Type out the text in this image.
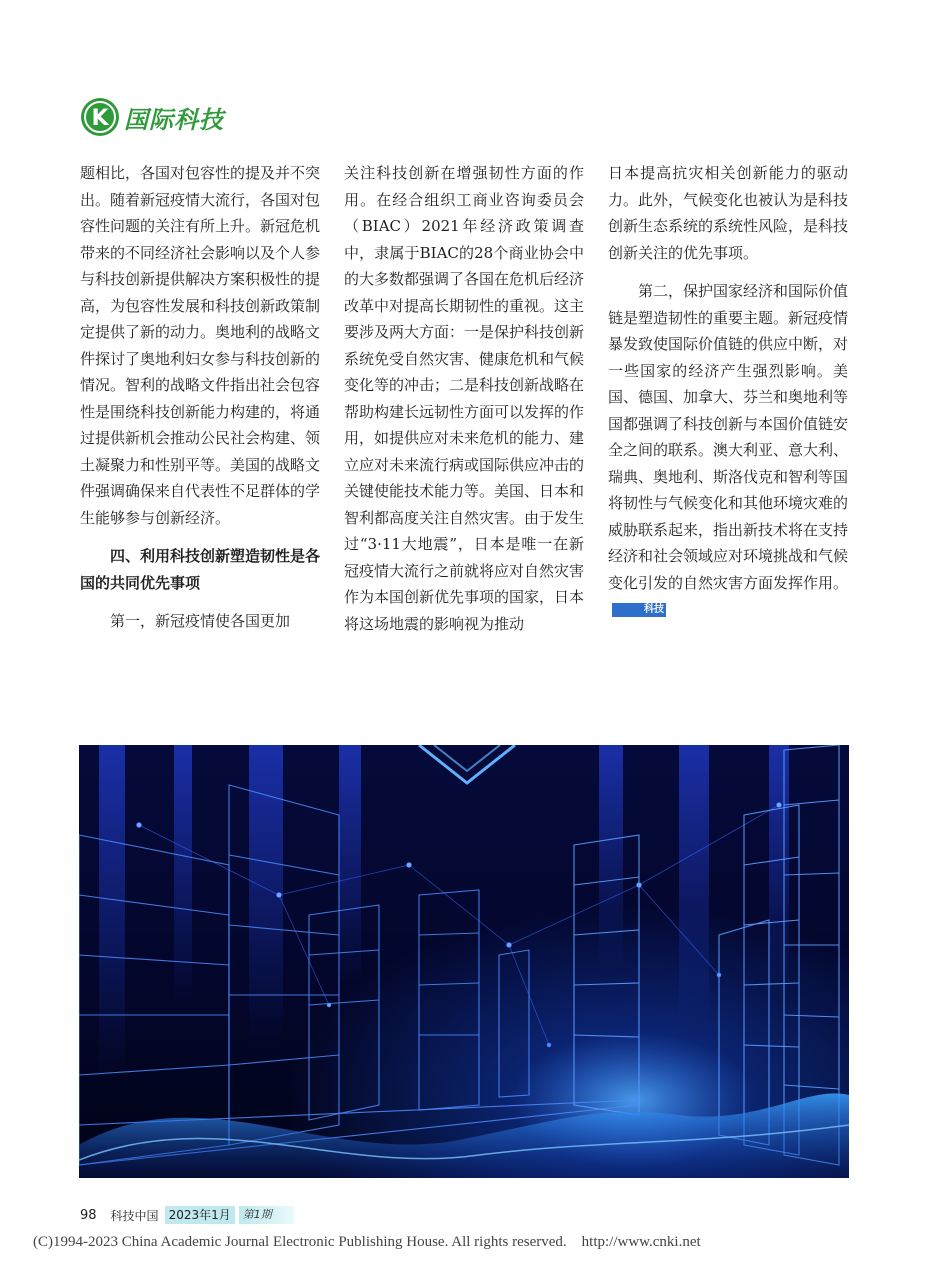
K 国际科技

题相比，各国对包容性的提及并不突出。随着新冠疫情大流行，各国对包容性问题的关注有所上升。新冠危机带来的不同经济社会影响以及个人参与科技创新提供解决方案积极性的提高，为包容性发展和科技创新政策制定提供了新的动力。奥地利的战略文件探讨了奥地利妇女参与科技创新的情况。智利的战略文件指出社会包容性是围绕科技创新能力构建的，将通过提供新机会推动公民社会构建、领土凝聚力和性别平等。美国的战略文件强调确保来自代表性不足群体的学生能够参与创新经济。

四、利用科技创新塑造韧性是各国的共同优先事项

第一，新冠疫情使各国更加

关注科技创新在增强韧性方面的作用。在经合组织工商业咨询委员会（BIAC）2021年经济政策调查中，隶属于BIAC的28个商业协会中的大多数都强调了各国在危机后经济改革中对提高长期韧性的重视。这主要涉及两大方面：一是保护科技创新系统免受自然灾害、健康危机和气候变化等的冲击；二是科技创新战略在帮助构建长远韧性方面可以发挥的作用，如提供应对未来危机的能力、建立应对未来流行病或国际供应冲击的关键使能技术能力等。美国、日本和智利都高度关注自然灾害。由于发生过“3·11大地震”，日本是唯一在新冠疫情大流行之前就将应对自然灾害作为本国创新优先事项的国家，日本将这场地震的影响视为推动

日本提高抗灾相关创新能力的驱动力。此外，气候变化也被认为是科技创新生态系统的系统性风险，是科技创新关注的优先事项。

第二，保护国家经济和国际价值链是塑造韧性的重要主题。新冠疫情暴发致使国际价值链的供应中断，对一些国家的经济产生强烈影响。美国、德国、加拿大、芬兰和奥地利等国都强调了科技创新与本国价值链安全之间的联系。澳大利亚、意大利、瑞典、奥地利、斯洛伐克和智利等国将韧性与气候变化和其他环境灾难的威胁联系起来，指出新技术将在支持经济和社会领域应对环境挑战和气候变化引发的自然灾害方面发挥作用。科技

98 科技中国 2023年1月	第1期
(C)1994-2023 China Academic Journal Electronic Publishing House. All rights reserved.    http://www.cnki.net
